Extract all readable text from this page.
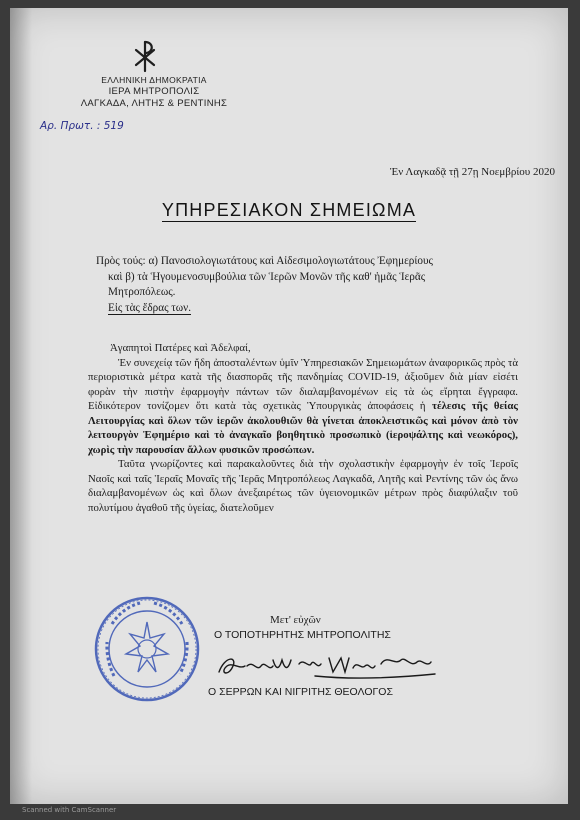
ΕΛΛΗΝΙΚΗ ΔΗΜΟΚΡΑΤΙΑ
ΙΕΡΑ ΜΗΤΡΟΠΟΛΙΣ
ΛΑΓΚΑΔΑ, ΛΗΤΗΣ & ΡΕΝΤΙΝΗΣ
Αρ. Πρωτ. : 519
Ἐν Λαγκαδᾷ τῇ 27ῃ Νοεμβρίου 2020
ΥΠΗΡΕΣΙΑΚΟΝ ΣΗΜΕΙΩΜΑ

Πρὸς τούς: α) Πανοσιολογιωτάτους καὶ Αἰδεσιμολογιωτάτους Ἐφημερίους

καὶ β) τὰ Ἡγουμενοσυμβούλια τῶν Ἱερῶν Μονῶν τῆς καθ' ἡμᾶς Ἱερᾶς

Μητροπόλεως.

Εἰς τὰς ἕδρας των.

Ἀγαπητοὶ Πατέρες καὶ Ἀδελφαί,

Ἐν συνεχείᾳ τῶν ἤδη ἀποσταλέντων ὑμῖν Ὑπηρεσιακῶν Σημειωμάτων ἀναφορικῶς πρὸς τὰ περιοριστικὰ μέτρα κατὰ τῆς διασπορᾶς τῆς πανδημίας COVID-19, ἀξιοῦμεν διὰ μίαν εἰσέτι φορὰν τὴν πιστὴν ἐφαρμογὴν πάντων τῶν διαλαμβανομένων εἰς τὰ ὡς εἴρηται ἔγγραφα. Εἰδικότερον τονίζομεν ὅτι κατὰ τὰς σχετικὰς Ὑπουργικὰς ἀποφάσεις ἡ τέλεσις τῆς θείας Λειτουργίας καὶ ὅλων τῶν ἱερῶν ἀκολουθιῶν θὰ γίνεται ἀποκλειστικῶς καὶ μόνον ἀπὸ τὸν λειτουργὸν Ἐφημέριο καὶ τὸ ἀναγκαῖο βοηθητικὸ προσωπικὸ (ἱεροψάλτης καὶ νεωκόρος), χωρὶς τὴν παρουσίαν ἄλλων φυσικῶν προσώπων.

Ταῦτα γνωρίζοντες καὶ παρακαλοῦντες διὰ τὴν σχολαστικὴν ἐφαρμογὴν ἐν τοῖς Ἱεροῖς Ναοῖς καὶ ταῖς Ἱεραῖς Μοναῖς τῆς Ἱερᾶς Μητροπόλεως Λαγκαδᾶ, Λητῆς καὶ Ρεντίνης τῶν ὡς ἄνω διαλαμβανομένων ὡς καὶ ὅλων ἀνεξαιρέτως τῶν ὑγειονομικῶν μέτρων πρὸς διαφύλαξιν τοῦ πολυτίμου ἀγαθοῦ τῆς ὑγείας, διατελοῦμεν

Μετ' εὐχῶν
Ο ΤΟΠΟΤΗΡΗΤΗΣ ΜΗΤΡΟΠΟΛΙΤΗΣ
Ο ΣΕΡΡΩΝ ΚΑΙ ΝΙΓΡΙΤΗΣ ΘΕΟΛΟΓΟΣ
Scanned with CamScanner
